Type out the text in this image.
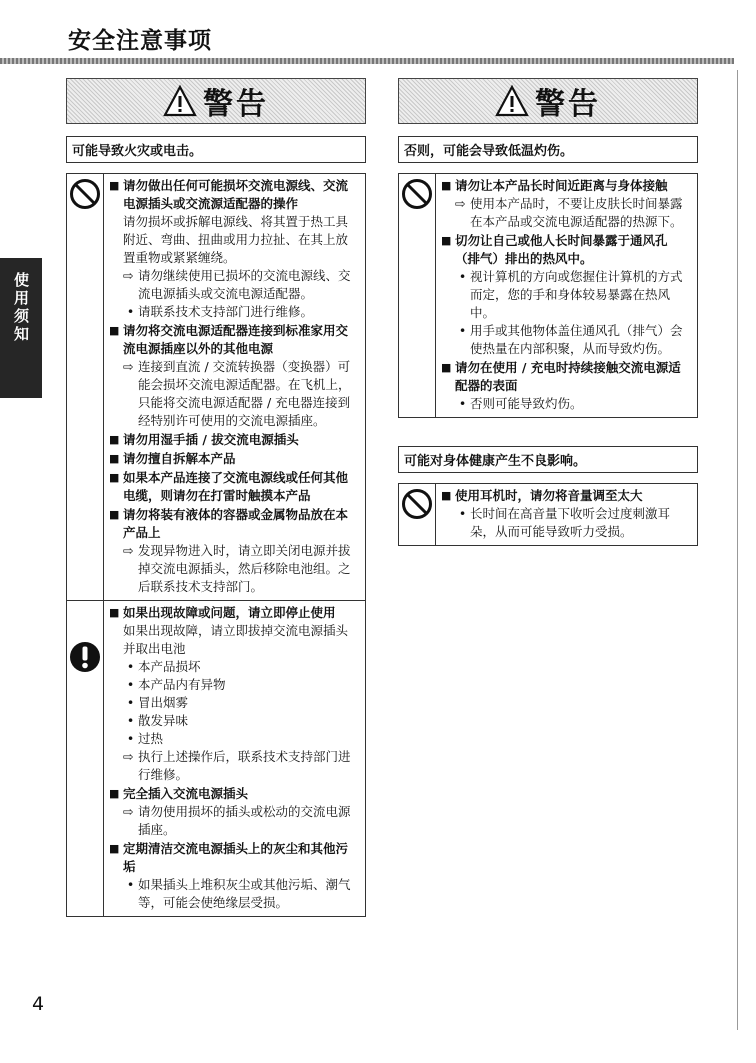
安全注意事项
使用须知
警告
可能导致火灾或电击。
■ 请勿做出任何可能损坏交流电源线、交流电源插头或交流源适配器的操作
请勿损坏或拆解电源线、将其置于热工具附近、弯曲、扭曲或用力拉扯、在其上放置重物或紧紧缠绕。
⇨ 请勿继续使用已损坏的交流电源线、交流电源插头或交流电源适配器。
• 请联系技术支持部门进行维修。
■ 请勿将交流电源适配器连接到标准家用交流电源插座以外的其他电源
⇨ 连接到直流 / 交流转换器（变换器）可能会损坏交流电源适配器。在飞机上，只能将交流电源适配器 / 充电器连接到经特别许可使用的交流电源插座。
■ 请勿用湿手插 / 拔交流电源插头
■ 请勿擅自拆解本产品
■ 如果本产品连接了交流电源线或任何其他电缆，则请勿在打雷时触摸本产品
■ 请勿将装有液体的容器或金属物品放在本产品上
⇨ 发现异物进入时，请立即关闭电源并拔掉交流电源插头，然后移除电池组。之后联系技术支持部门。
■ 如果出现故障或问题，请立即停止使用
如果出现故障，请立即拔掉交流电源插头并取出电池
• 本产品损坏
• 本产品内有异物
• 冒出烟雾
• 散发异味
• 过热
⇨ 执行上述操作后，联系技术支持部门进行维修。
■ 完全插入交流电源插头
⇨ 请勿使用损坏的插头或松动的交流电源插座。
■ 定期清洁交流电源插头上的灰尘和其他污垢
• 如果插头上堆积灰尘或其他污垢、潮气等，可能会使绝缘层受损。
警告
否则，可能会导致低温灼伤。
■ 请勿让本产品长时间近距离与身体接触
⇨ 使用本产品时，不要让皮肤长时间暴露在本产品或交流电源适配器的热源下。
■ 切勿让自己或他人长时间暴露于通风孔（排气）排出的热风中。
• 视计算机的方向或您握住计算机的方式而定，您的手和身体较易暴露在热风中。
• 用手或其他物体盖住通风孔（排气）会使热量在内部积聚，从而导致灼伤。
■ 请勿在使用 / 充电时持续接触交流电源适配器的表面
• 否则可能导致灼伤。
可能对身体健康产生不良影响。
■ 使用耳机时，请勿将音量调至太大
• 长时间在高音量下收听会过度刺激耳朵，从而可能导致听力受损。
4
